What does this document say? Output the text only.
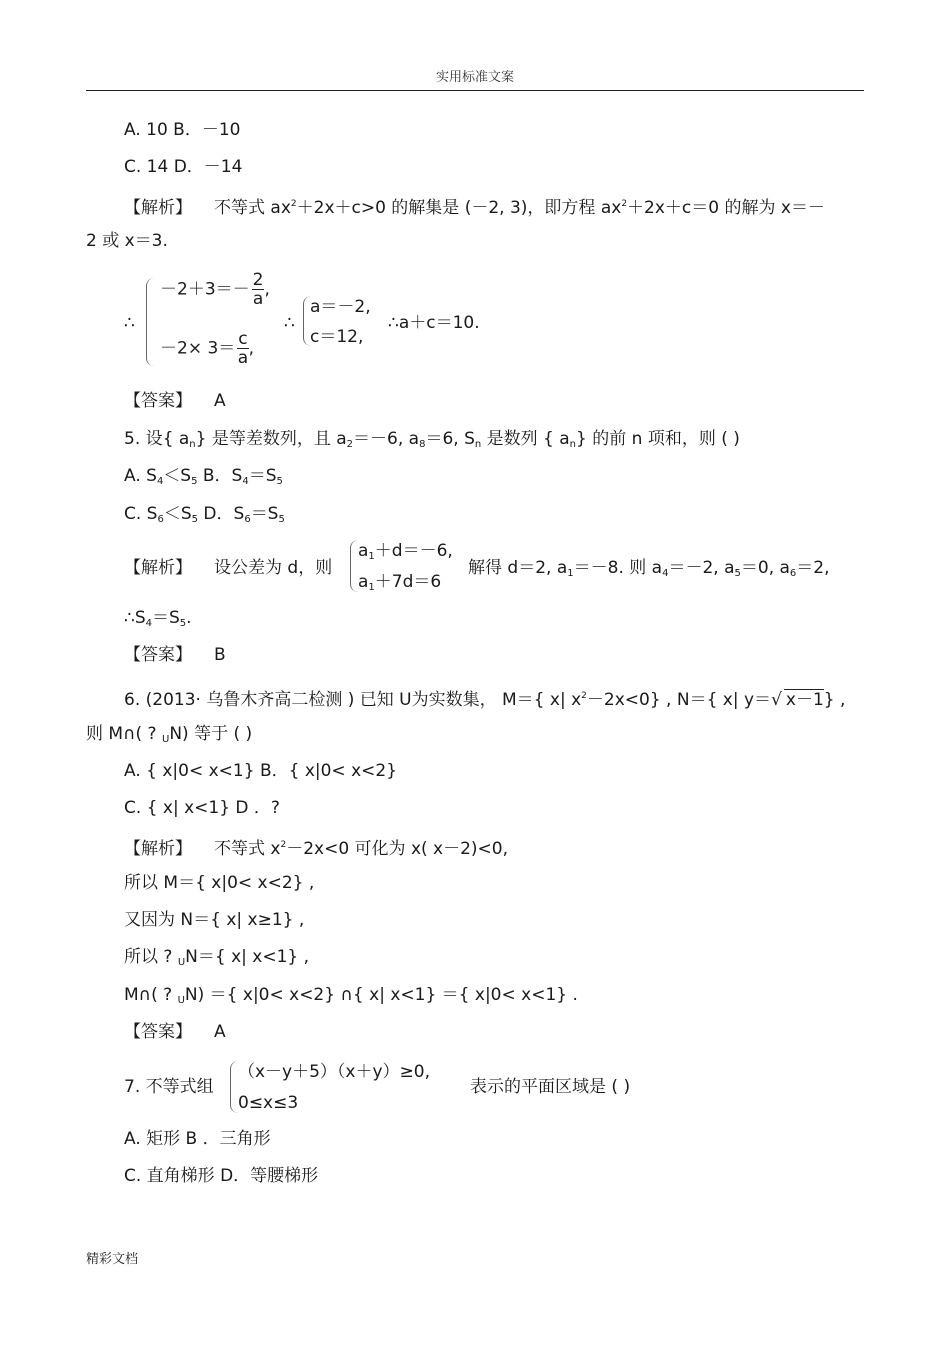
实用标准文案
A. 10 B．－10
C. 14 D．－14
【解析】 不等式 $ax^2+2x+c>0$ 的解集是 (－2, 3)，即方程 $ax^2+2x+c=0$ 的解为 x＝－
2 或 x＝3.
∴
$-2+3=- \frac{2}{a}$ ,
$-2\times 3= \frac{c}{a}$ ,
∴
a＝－2,
c＝12,
∴a＋c＝10.
【答案】 A
5. 设{ $a_n$} 是等差数列，且 $a_2=-6$, $a_8=6$, $S_n$ 是数列 { $a_n$} 的前 n 项和，则 ( )
A. $S_4<S_5$ B．$S_4=S_5$
C. $S_6<S_5$ D．$S_6=S_5$
【解析】 设公差为 d，则
$a_1+d=-6$,
$a_1+7d=6$
解得 d＝2, $a_1=-8$. 则 $a_4=-2$, $a_5=0$, $a_6=2$,
$\therefore S_4=S_5$.
【答案】 B
6. (2013· 乌鲁木齐高二检测 ) 已知 U为实数集， M＝{ x| $x^2-2x<0$} , N＝{ x| y＝√ x－1} ,
则 M∩( ? $_U$N) 等于 ( )
A. { x|0< x<1} B．{ x|0< x<2}
C. { x| x<1} D ．?
【解析】 不等式 $x^2-2x<0$ 可化为 x( x－2)<0,
所以 M＝{ x|0< x<2} ,
又因为 N＝{ x| x≥1} ,
所以 ? $_U$N＝{ x| x<1} ,
M∩( ? $_U$N) ＝{ x|0< x<2} ∩{ x| x<1} ＝{ x|0< x<1} .
【答案】 A
7. 不等式组
（x－y＋5）（x＋y）≥0,
0≤x≤3
表示的平面区域是 ( )
A. 矩形 B ．三角形
C. 直角梯形 D．等腰梯形
精彩文档
